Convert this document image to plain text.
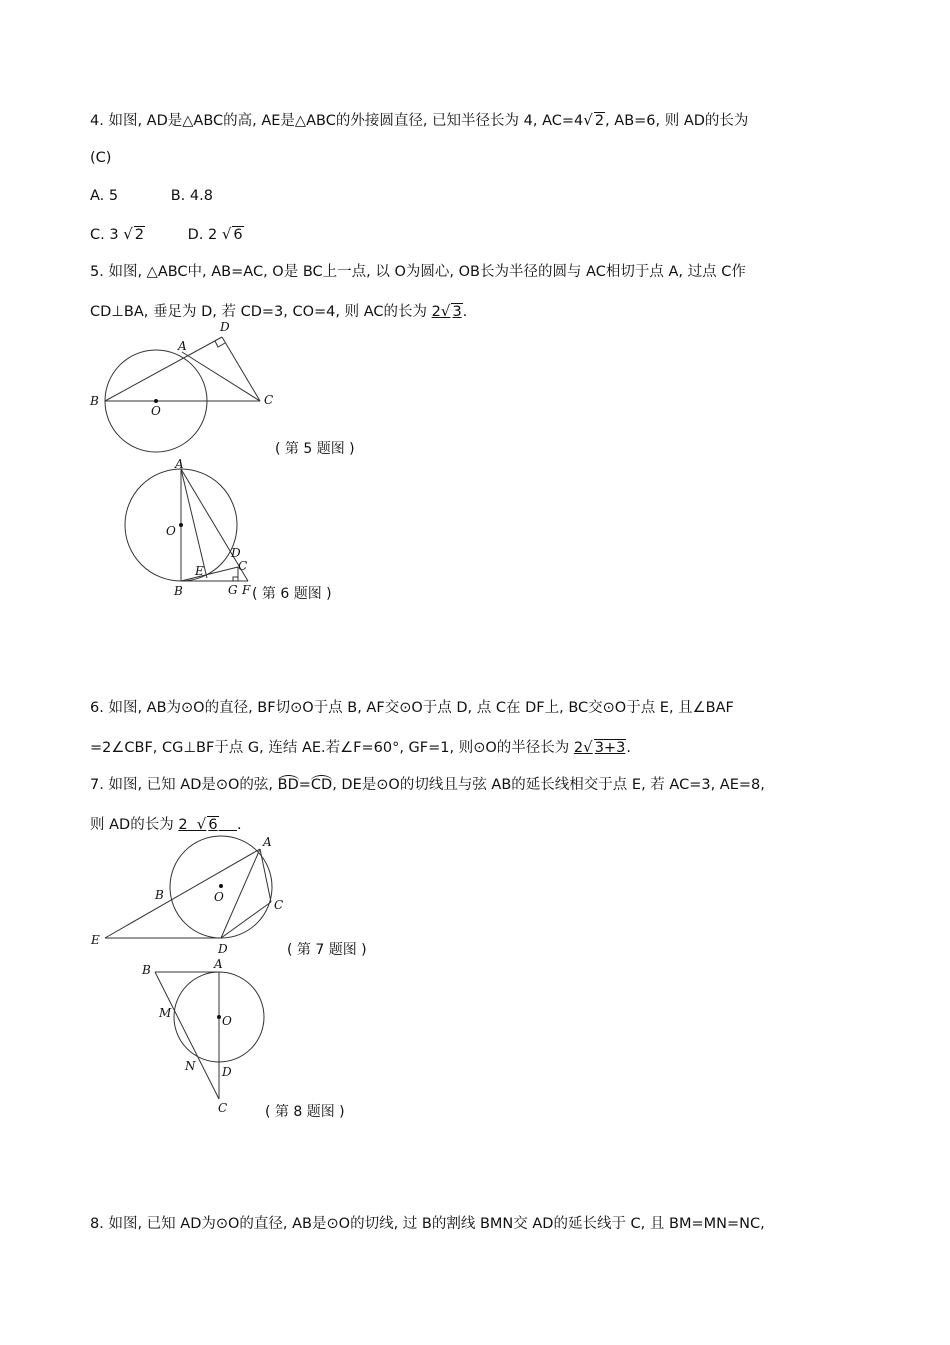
4. 如图, AD是△ABC的高, AE是△ABC的外接圆直径, 已知半径长为 4, AC=4√ 2, AB=6, 则 AD的长为
(C)
A. 5	B. 4.8
C. 3 √ 2	D. 2 √ 6
5. 如图, △ABC中, AB=AC, O是 BC上一点, 以 O为圆心, OB长为半径的圆与 AC相切于点 A, 过点 C作
CD⊥BA, 垂足为 D, 若 CD=3, CO=4, 则 AC的长为 2√ 3.
B
O
C
A
D
( 第 5 题图 )
A
O
B
E
D
C
G F ( 第 6 题图 )
6. 如图, AB为⊙O的直径, BF切⊙O于点 B, AF交⊙O于点 D, 点 C在 DF上, BC交⊙O于点 E, 且∠BAF
=2∠CBF, CG⊥BF于点 G, 连结 AE.若∠F=60°, GF=1, 则⊙O的半径长为 2√ 3+3.
7. 如图, 已知 AD是⊙O的弦, BD=CD, DE是⊙O的切线且与弦 AB的延长线相交于点 E, 若 AC=3, AE=8,
则 AD的长为 2 √ 6 .
E
B	O
A
C
D	( 第 7 题图 )
B	A
O
M
N D
C	( 第 8 题图 )
8. 如图, 已知 AD为⊙O的直径, AB是⊙O的切线, 过 B的割线 BMN交 AD的延长线于 C, 且 BM=MN=NC,
